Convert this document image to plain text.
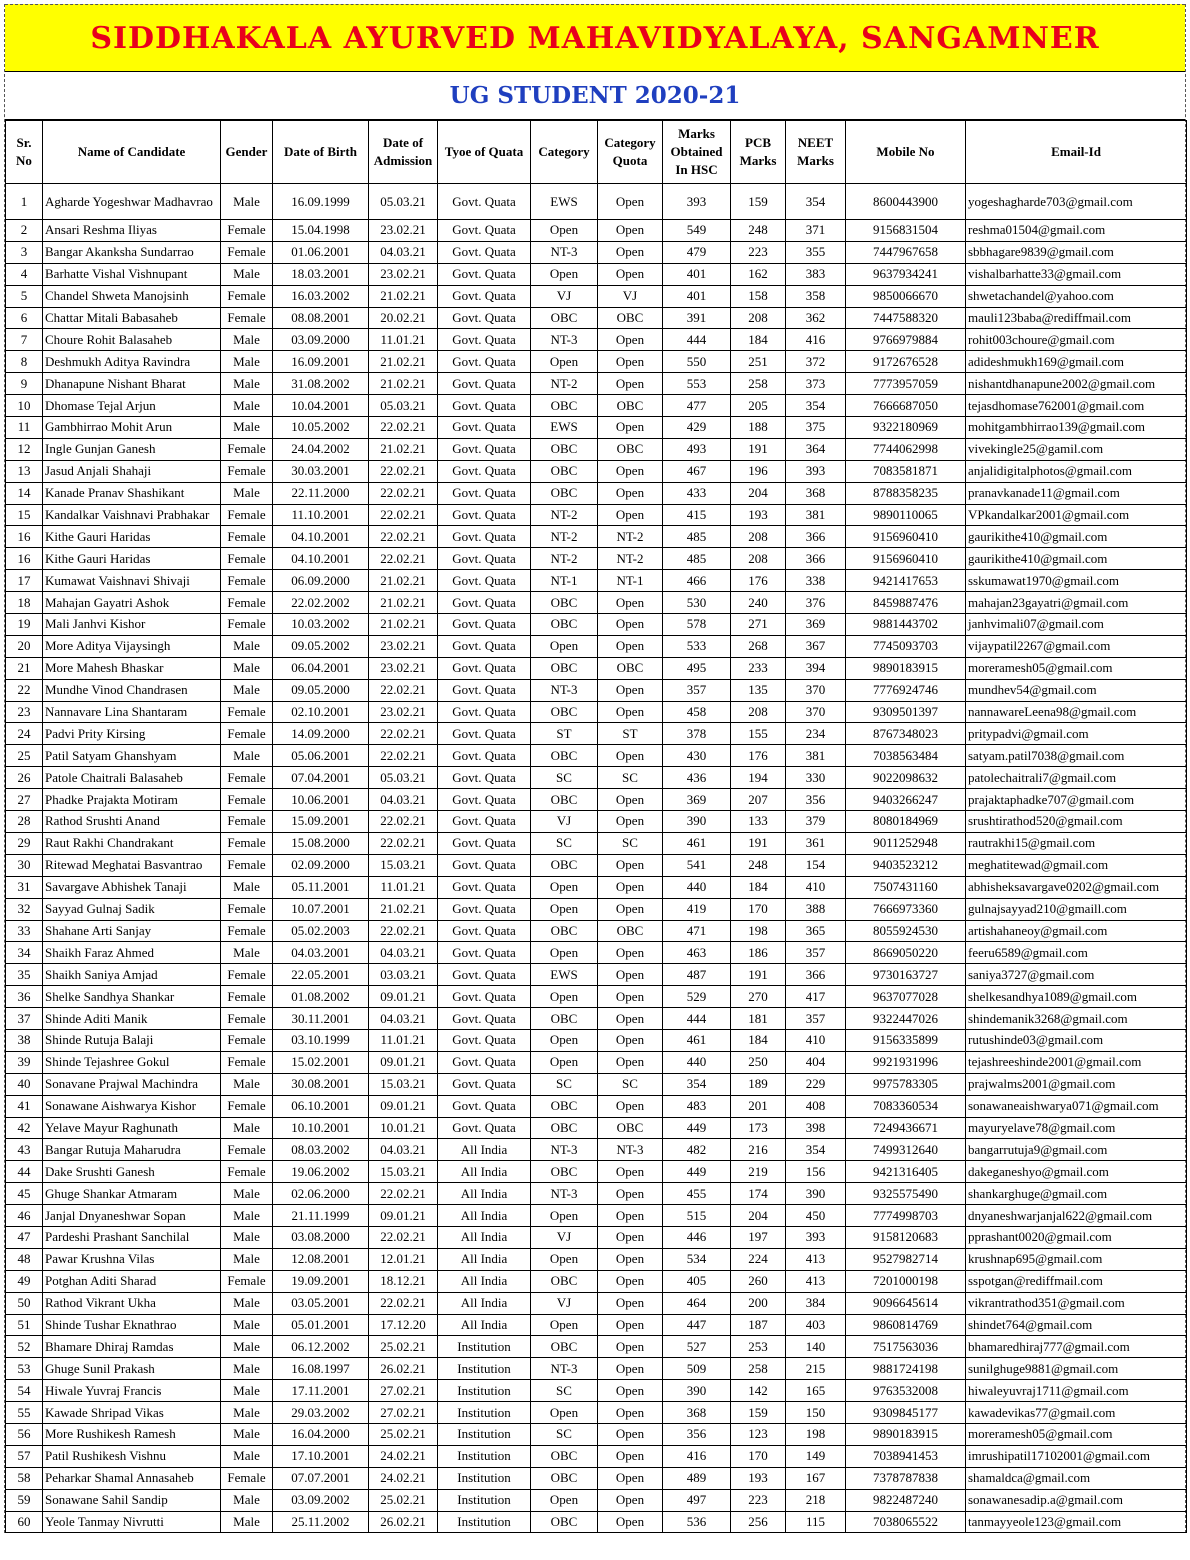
SIDDHAKALA AYURVED MAHAVIDYALAYA, SANGAMNER
UG STUDENT 2020-21
Sr. No	Name of Candidate	Gender	Date of Birth	Date of Admission	Tyoe of Quata	Category	Category Quota	Marks Obtained In HSC	PCB Marks	NEET Marks	Mobile No	Email-Id
1	Agharde Yogeshwar Madhavrao	Male	16.09.1999	05.03.21	Govt. Quata	EWS	Open	393	159	354	8600443900	yogeshagharde703@gmail.com
2	Ansari Reshma Iliyas	Female	15.04.1998	23.02.21	Govt. Quata	Open	Open	549	248	371	9156831504	reshma01504@gmail.com
3	Bangar Akanksha Sundarrao	Female	01.06.2001	04.03.21	Govt. Quata	NT-3	Open	479	223	355	7447967658	sbbhagare9839@gmail.com
4	Barhatte Vishal Vishnupant	Male	18.03.2001	23.02.21	Govt. Quata	Open	Open	401	162	383	9637934241	vishalbarhatte33@gmail.com
5	Chandel Shweta Manojsinh	Female	16.03.2002	21.02.21	Govt. Quata	VJ	VJ	401	158	358	9850066670	shwetachandel@yahoo.com
6	Chattar Mitali Babasaheb	Female	08.08.2001	20.02.21	Govt. Quata	OBC	OBC	391	208	362	7447588320	mauli123baba@rediffmail.com
7	Choure Rohit Balasaheb	Male	03.09.2000	11.01.21	Govt. Quata	NT-3	Open	444	184	416	9766979884	rohit003choure@gmail.com
8	Deshmukh Aditya Ravindra	Male	16.09.2001	21.02.21	Govt. Quata	Open	Open	550	251	372	9172676528	adideshmukh169@gmail.com
9	Dhanapune Nishant Bharat	Male	31.08.2002	21.02.21	Govt. Quata	NT-2	Open	553	258	373	7773957059	nishantdhanapune2002@gmail.com
10	Dhomase Tejal Arjun	Male	10.04.2001	05.03.21	Govt. Quata	OBC	OBC	477	205	354	7666687050	tejasdhomase762001@gmail.com
11	Gambhirrao Mohit Arun	Male	10.05.2002	22.02.21	Govt. Quata	EWS	Open	429	188	375	9322180969	mohitgambhirrao139@gmail.com
12	Ingle Gunjan Ganesh	Female	24.04.2002	21.02.21	Govt. Quata	OBC	OBC	493	191	364	7744062998	vivekingle25@gamil.com
13	Jasud Anjali Shahaji	Female	30.03.2001	22.02.21	Govt. Quata	OBC	Open	467	196	393	7083581871	anjalidigitalphotos@gmail.com
14	Kanade Pranav Shashikant	Male	22.11.2000	22.02.21	Govt. Quata	OBC	Open	433	204	368	8788358235	pranavkanade11@gmail.com
15	Kandalkar Vaishnavi Prabhakar	Female	11.10.2001	22.02.21	Govt. Quata	NT-2	Open	415	193	381	9890110065	VPkandalkar2001@gmail.com
16	Kithe Gauri Haridas	Female	04.10.2001	22.02.21	Govt. Quata	NT-2	NT-2	485	208	366	9156960410	gaurikithe410@gmail.com
16	Kithe Gauri Haridas	Female	04.10.2001	22.02.21	Govt. Quata	NT-2	NT-2	485	208	366	9156960410	gaurikithe410@gmail.com
17	Kumawat Vaishnavi Shivaji	Female	06.09.2000	21.02.21	Govt. Quata	NT-1	NT-1	466	176	338	9421417653	sskumawat1970@gmail.com
18	Mahajan Gayatri Ashok	Female	22.02.2002	21.02.21	Govt. Quata	OBC	Open	530	240	376	8459887476	mahajan23gayatri@gmail.com
19	Mali Janhvi Kishor	Female	10.03.2002	21.02.21	Govt. Quata	OBC	Open	578	271	369	9881443702	janhvimali07@gmail.com
20	More Aditya Vijaysingh	Male	09.05.2002	23.02.21	Govt. Quata	Open	Open	533	268	367	7745093703	vijaypatil2267@gmail.com
21	More Mahesh Bhaskar	Male	06.04.2001	23.02.21	Govt. Quata	OBC	OBC	495	233	394	9890183915	moreramesh05@gmail.com
22	Mundhe Vinod Chandrasen	Male	09.05.2000	22.02.21	Govt. Quata	NT-3	Open	357	135	370	7776924746	mundhev54@gmail.com
23	Nannavare Lina Shantaram	Female	02.10.2001	23.02.21	Govt. Quata	OBC	Open	458	208	370	9309501397	nannawareLeena98@gmail.com
24	Padvi Prity Kirsing	Female	14.09.2000	22.02.21	Govt. Quata	ST	ST	378	155	234	8767348023	pritypadvi@gmail.com
25	Patil Satyam Ghanshyam	Male	05.06.2001	22.02.21	Govt. Quata	OBC	Open	430	176	381	7038563484	satyam.patil7038@gmail.com
26	Patole Chaitrali Balasaheb	Female	07.04.2001	05.03.21	Govt. Quata	SC	SC	436	194	330	9022098632	patolechaitrali7@gmail.com
27	Phadke Prajakta Motiram	Female	10.06.2001	04.03.21	Govt. Quata	OBC	Open	369	207	356	9403266247	prajaktaphadke707@gmail.com
28	Rathod Srushti Anand	Female	15.09.2001	22.02.21	Govt. Quata	VJ	Open	390	133	379	8080184969	srushtirathod520@gmail.com
29	Raut Rakhi Chandrakant	Female	15.08.2000	22.02.21	Govt. Quata	SC	SC	461	191	361	9011252948	rautrakhi15@gmail.com
30	Ritewad Meghatai Basvantrao	Female	02.09.2000	15.03.21	Govt. Quata	OBC	Open	541	248	154	9403523212	meghatitewad@gmail.com
31	Savargave Abhishek Tanaji	Male	05.11.2001	11.01.21	Govt. Quata	Open	Open	440	184	410	7507431160	abhisheksavargave0202@gmail.com
32	Sayyad Gulnaj Sadik	Female	10.07.2001	21.02.21	Govt. Quata	Open	Open	419	170	388	7666973360	gulnajsayyad210@gmaill.com
33	Shahane Arti Sanjay	Female	05.02.2003	22.02.21	Govt. Quata	OBC	OBC	471	198	365	8055924530	artishahaneoy@gmail.com
34	Shaikh Faraz Ahmed	Male	04.03.2001	04.03.21	Govt. Quata	Open	Open	463	186	357	8669050220	feeru6589@gmail.com
35	Shaikh Saniya Amjad	Female	22.05.2001	03.03.21	Govt. Quata	EWS	Open	487	191	366	9730163727	saniya3727@gmail.com
36	Shelke Sandhya Shankar	Female	01.08.2002	09.01.21	Govt. Quata	Open	Open	529	270	417	9637077028	shelkesandhya1089@gmail.com
37	Shinde Aditi Manik	Female	30.11.2001	04.03.21	Govt. Quata	OBC	Open	444	181	357	9322447026	shindemanik3268@gmail.com
38	Shinde Rutuja Balaji	Female	03.10.1999	11.01.21	Govt. Quata	Open	Open	461	184	410	9156335899	rutushinde03@gmail.com
39	Shinde Tejashree Gokul	Female	15.02.2001	09.01.21	Govt. Quata	Open	Open	440	250	404	9921931996	tejashreeshinde2001@gmail.com
40	Sonavane Prajwal Machindra	Male	30.08.2001	15.03.21	Govt. Quata	SC	SC	354	189	229	9975783305	prajwalms2001@gmail.com
41	Sonawane Aishwarya Kishor	Female	06.10.2001	09.01.21	Govt. Quata	OBC	Open	483	201	408	7083360534	sonawaneaishwarya071@gmail.com
42	Yelave Mayur Raghunath	Male	10.10.2001	10.01.21	Govt. Quata	OBC	OBC	449	173	398	7249436671	mayuryelave78@gmail.com
43	Bangar Rutuja Maharudra	Female	08.03.2002	04.03.21	All India	NT-3	NT-3	482	216	354	7499312640	bangarrutuja9@gmail.com
44	Dake Srushti Ganesh	Female	19.06.2002	15.03.21	All India	OBC	Open	449	219	156	9421316405	dakeganeshyo@gmail.com
45	Ghuge Shankar Atmaram	Male	02.06.2000	22.02.21	All India	NT-3	Open	455	174	390	9325575490	shankarghuge@gmail.com
46	Janjal Dnyaneshwar Sopan	Male	21.11.1999	09.01.21	All India	Open	Open	515	204	450	7774998703	dnyaneshwarjanjal622@gmail.com
47	Pardeshi Prashant Sanchilal	Male	03.08.2000	22.02.21	All India	VJ	Open	446	197	393	9158120683	pprashant0020@gmail.com
48	Pawar Krushna Vilas	Male	12.08.2001	12.01.21	All India	Open	Open	534	224	413	9527982714	krushnap695@gmail.com
49	Potghan Aditi Sharad	Female	19.09.2001	18.12.21	All India	OBC	Open	405	260	413	7201000198	sspotgan@rediffmail.com
50	Rathod Vikrant Ukha	Male	03.05.2001	22.02.21	All India	VJ	Open	464	200	384	9096645614	vikrantrathod351@gmail.com
51	Shinde Tushar Eknathrao	Male	05.01.2001	17.12.20	All India	Open	Open	447	187	403	9860814769	shindet764@gmail.com
52	Bhamare Dhiraj Ramdas	Male	06.12.2002	25.02.21	Institution	OBC	Open	527	253	140	7517563036	bhamaredhiraj777@gmail.com
53	Ghuge Sunil Prakash	Male	16.08.1997	26.02.21	Institution	NT-3	Open	509	258	215	9881724198	sunilghuge9881@gmail.com
54	Hiwale Yuvraj Francis	Male	17.11.2001	27.02.21	Institution	SC	Open	390	142	165	9763532008	hiwaleyuvraj1711@gmail.com
55	Kawade Shripad Vikas	Male	29.03.2002	27.02.21	Institution	Open	Open	368	159	150	9309845177	kawadevikas77@gmail.com
56	More Rushikesh Ramesh	Male	16.04.2000	25.02.21	Institution	SC	Open	356	123	198	9890183915	moreramesh05@gmail.com
57	Patil Rushikesh Vishnu	Male	17.10.2001	24.02.21	Institution	OBC	Open	416	170	149	7038941453	imrushipatil17102001@gmail.com
58	Peharkar Shamal Annasaheb	Female	07.07.2001	24.02.21	Institution	OBC	Open	489	193	167	7378787838	shamaldca@gmail.com
59	Sonawane Sahil Sandip	Male	03.09.2002	25.02.21	Institution	Open	Open	497	223	218	9822487240	sonawanesadip.a@gmail.com
60	Yeole Tanmay Nivrutti	Male	25.11.2002	26.02.21	Institution	OBC	Open	536	256	115	7038065522	tanmayyeole123@gmail.com
